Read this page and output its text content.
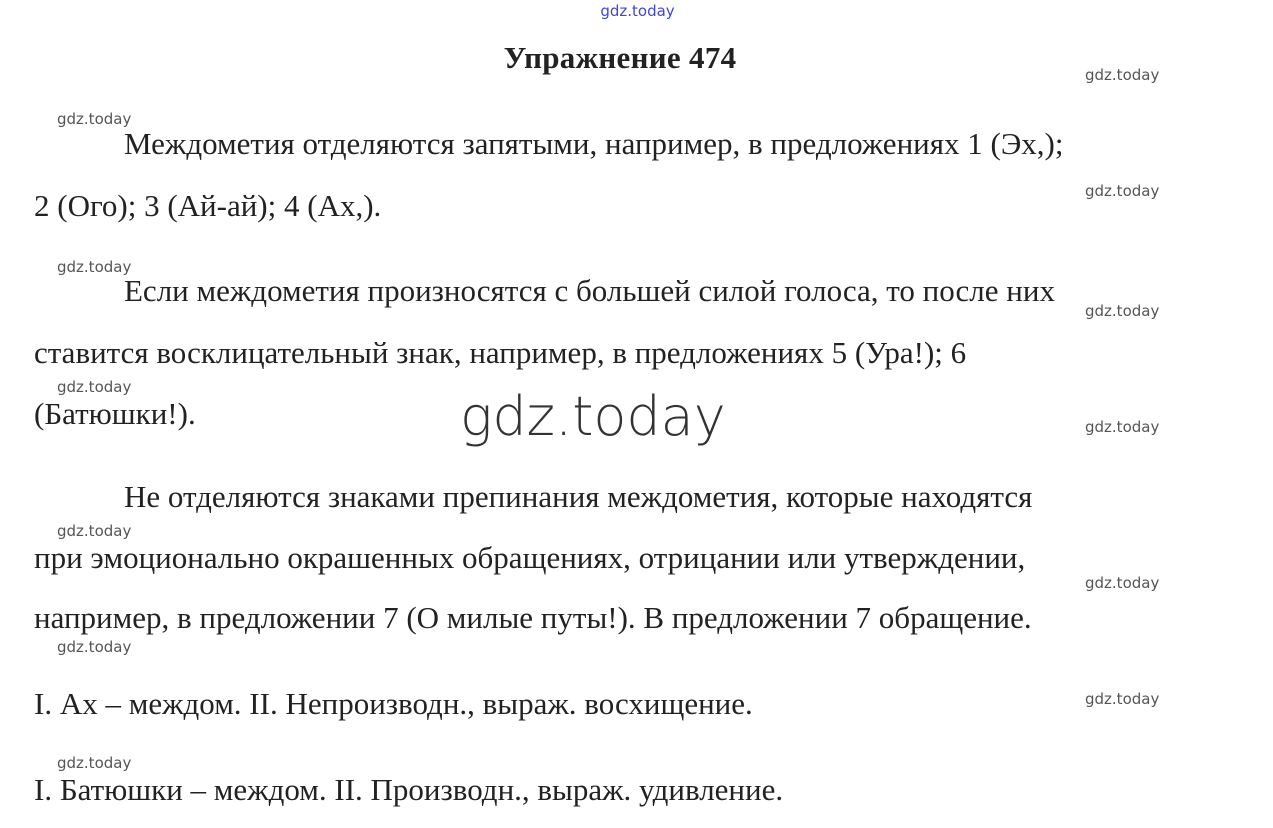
gdz.today
Упражнение 474	gdz.today
gdz.today
gdz.today
gdz.today
gdz.today
gdz.today
gdz.today
gdz.today
gdz.today
gdz.today
gdz.today
gdz.today
Междометия отделяются запятыми, например, в предложениях 1 (Эх,);
2 (Ого); 3 (Ай-ай); 4 (Ах,).
Если междометия произносятся с большей силой голоса, то после них
ставится восклицательный знак, например, в предложениях 5 (Ура!); 6
(Батюшки!).
Не отделяются знаками препинания междометия, которые находятся
при эмоционально окрашенных обращениях, отрицании или утверждении,
например, в предложении 7 (О милые путы!). В предложении 7 обращение.
I. Ах – междом. II. Непроизводн., выраж. восхищение.
I. Батюшки – междом. II. Производн., выраж. удивление.
gdz.today
